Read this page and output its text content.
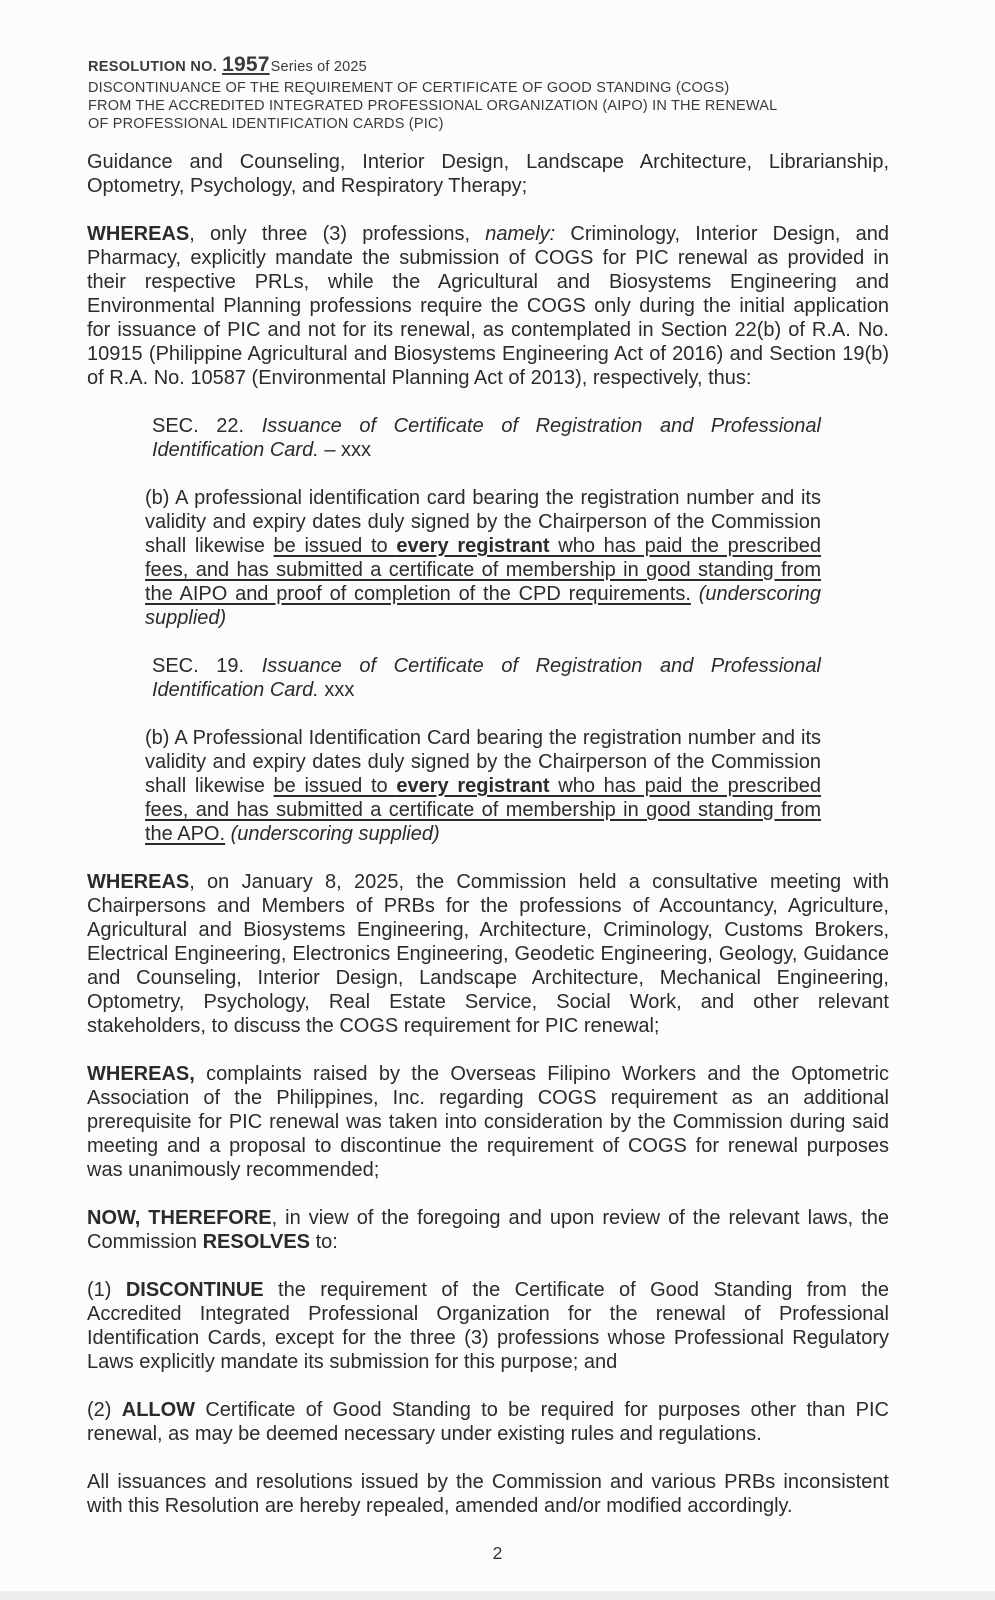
RESOLUTION NO. 1957Series of 2025
DISCONTINUANCE OF THE REQUIREMENT OF CERTIFICATE OF GOOD STANDING (COGS)
FROM THE ACCREDITED INTEGRATED PROFESSIONAL ORGANIZATION (AIPO) IN THE RENEWAL
OF PROFESSIONAL IDENTIFICATION CARDS (PIC)

Guidance and Counseling, Interior Design, Landscape Architecture, Librarianship, Optometry, Psychology, and Respiratory Therapy;

WHEREAS, only three (3) professions, namely: Criminology, Interior Design, and Pharmacy, explicitly mandate the submission of COGS for PIC renewal as provided in their respective PRLs, while the Agricultural and Biosystems Engineering and Environmental Planning professions require the COGS only during the initial application for issuance of PIC and not for its renewal, as contemplated in Section 22(b) of R.A. No. 10915 (Philippine Agricultural and Biosystems Engineering Act of 2016) and Section 19(b) of R.A. No. 10587 (Environmental Planning Act of 2013), respectively, thus:

SEC. 22. Issuance of Certificate of Registration and Professional Identification Card. – xxx

(b) A professional identification card bearing the registration number and its validity and expiry dates duly signed by the Chairperson of the Commission shall likewise be issued to every registrant who has paid the prescribed fees, and has submitted a certificate of membership in good standing from the AIPO and proof of completion of the CPD requirements. (underscoring supplied)

SEC. 19. Issuance of Certificate of Registration and Professional Identification Card. xxx

(b) A Professional Identification Card bearing the registration number and its validity and expiry dates duly signed by the Chairperson of the Commission shall likewise be issued to every registrant who has paid the prescribed fees, and has submitted a certificate of membership in good standing from the APO. (underscoring supplied)

WHEREAS, on January 8, 2025, the Commission held a consultative meeting with Chairpersons and Members of PRBs for the professions of Accountancy, Agriculture, Agricultural and Biosystems Engineering, Architecture, Criminology, Customs Brokers, Electrical Engineering, Electronics Engineering, Geodetic Engineering, Geology, Guidance and Counseling, Interior Design, Landscape Architecture, Mechanical Engineering, Optometry, Psychology, Real Estate Service, Social Work, and other relevant stakeholders, to discuss the COGS requirement for PIC renewal;

WHEREAS, complaints raised by the Overseas Filipino Workers and the Optometric Association of the Philippines, Inc. regarding COGS requirement as an additional prerequisite for PIC renewal was taken into consideration by the Commission during said meeting and a proposal to discontinue the requirement of COGS for renewal purposes was unanimously recommended;

NOW, THEREFORE, in view of the foregoing and upon review of the relevant laws, the Commission RESOLVES to:

(1) DISCONTINUE the requirement of the Certificate of Good Standing from the Accredited Integrated Professional Organization for the renewal of Professional Identification Cards, except for the three (3) professions whose Professional Regulatory Laws explicitly mandate its submission for this purpose; and

(2) ALLOW Certificate of Good Standing to be required for purposes other than PIC renewal, as may be deemed necessary under existing rules and regulations.

All issuances and resolutions issued by the Commission and various PRBs inconsistent with this Resolution are hereby repealed, amended and/or modified accordingly.

2
